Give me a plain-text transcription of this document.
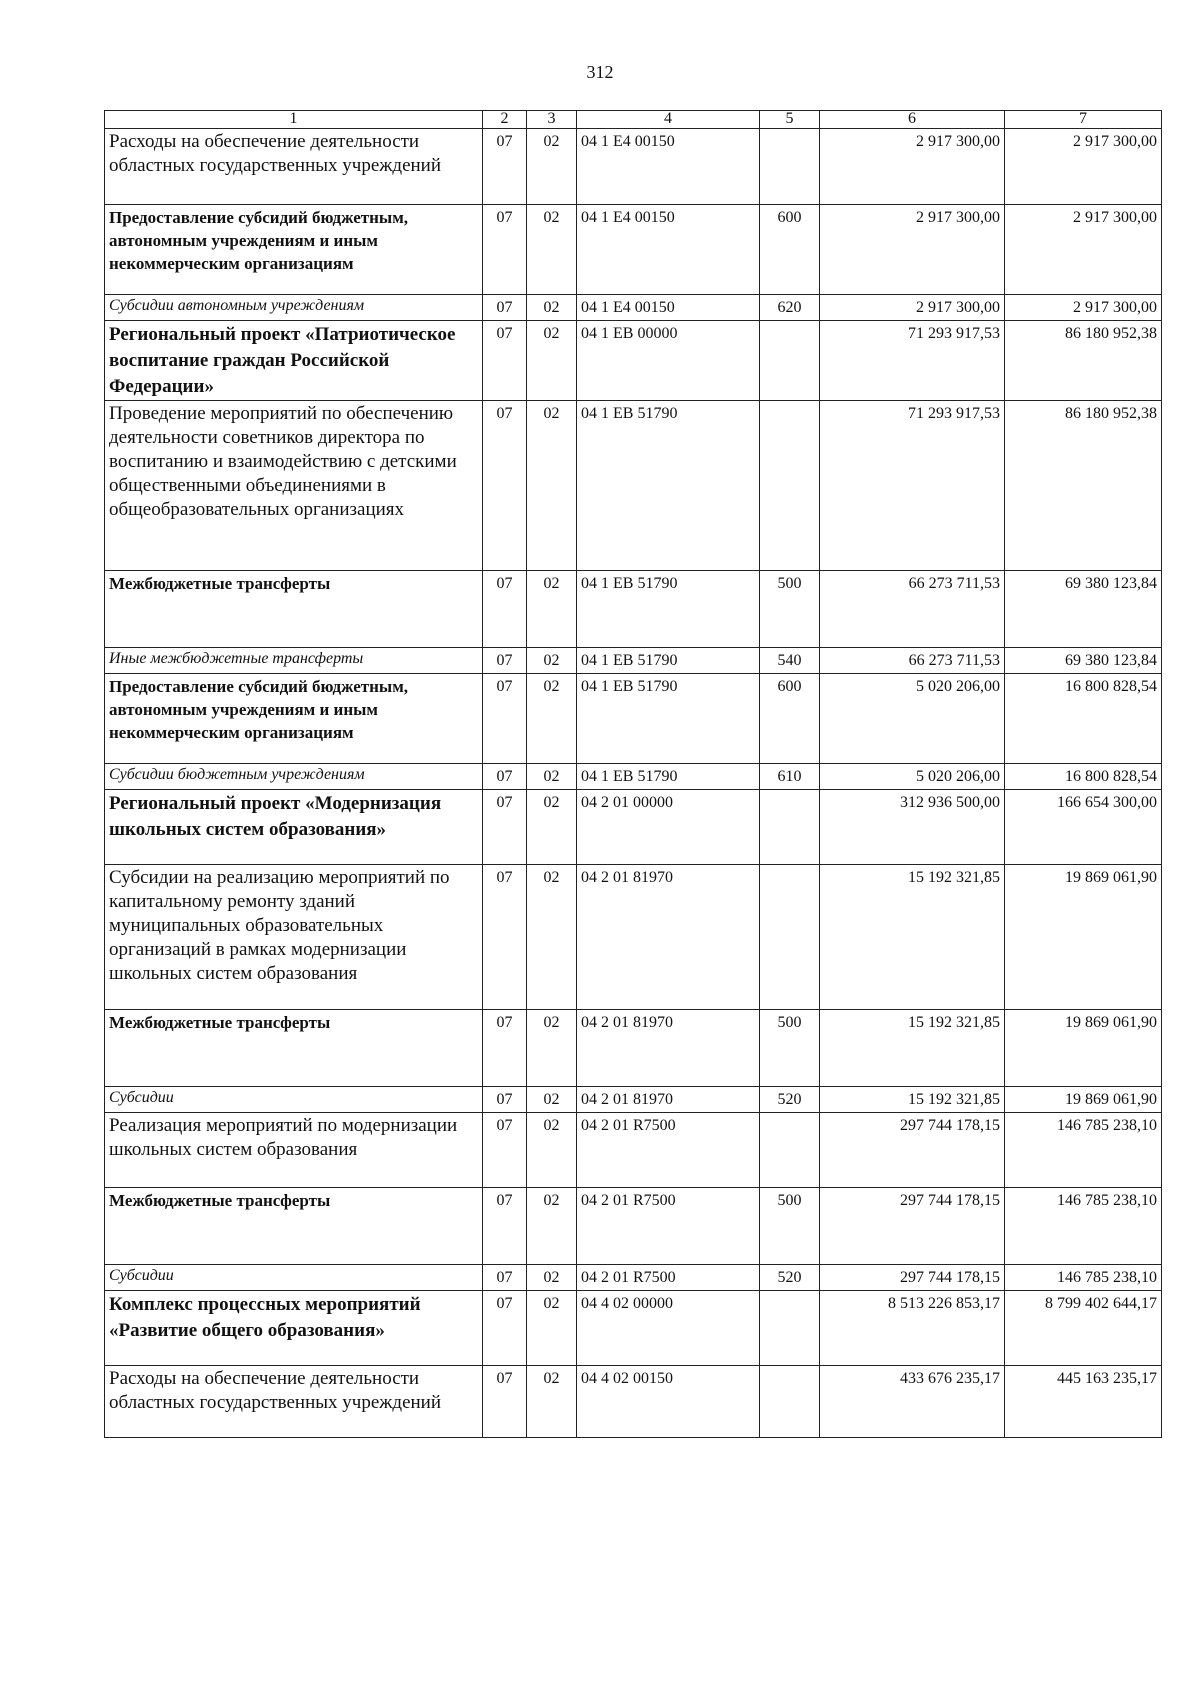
312
1	2	3	4	5	6	7
Расходы на обеспечение деятельности областных государственных учреждений	07	02	04 1 Е4 00150		2 917 300,00	2 917 300,00
Предоставление субсидий бюджетным, автономным учреждениям и иным некоммерческим организациям	07	02	04 1 Е4 00150	600	2 917 300,00	2 917 300,00
Субсидии автономным учреждениям	07	02	04 1 Е4 00150	620	2 917 300,00	2 917 300,00
Региональный проект «Патриотическое воспитание граждан Российской Федерации»	07	02	04 1 ЕВ 00000		71 293 917,53	86 180 952,38
Проведение мероприятий по обеспечению деятельности советников директора по воспитанию и взаимодействию с детскими общественными объединениями в общеобразовательных организациях	07	02	04 1 ЕВ 51790		71 293 917,53	86 180 952,38
Межбюджетные трансферты	07	02	04 1 ЕВ 51790	500	66 273 711,53	69 380 123,84
Иные межбюджетные трансферты	07	02	04 1 ЕВ 51790	540	66 273 711,53	69 380 123,84
Предоставление субсидий бюджетным, автономным учреждениям и иным некоммерческим организациям	07	02	04 1 ЕВ 51790	600	5 020 206,00	16 800 828,54
Субсидии бюджетным учреждениям	07	02	04 1 ЕВ 51790	610	5 020 206,00	16 800 828,54
Региональный проект «Модернизация школьных систем образования»	07	02	04 2 01 00000		312 936 500,00	166 654 300,00
Субсидии на реализацию мероприятий по капитальному ремонту зданий муниципальных образовательных организаций в рамках модернизации школьных систем образования	07	02	04 2 01 81970		15 192 321,85	19 869 061,90
Межбюджетные трансферты	07	02	04 2 01 81970	500	15 192 321,85	19 869 061,90
Субсидии	07	02	04 2 01 81970	520	15 192 321,85	19 869 061,90
Реализация мероприятий по модернизации школьных систем образования	07	02	04 2 01 R7500		297 744 178,15	146 785 238,10
Межбюджетные трансферты	07	02	04 2 01 R7500	500	297 744 178,15	146 785 238,10
Субсидии	07	02	04 2 01 R7500	520	297 744 178,15	146 785 238,10
Комплекс процессных мероприятий «Развитие общего образования»	07	02	04 4 02 00000		8 513 226 853,17	8 799 402 644,17
Расходы на обеспечение деятельности областных государственных учреждений	07	02	04 4 02 00150		433 676 235,17	445 163 235,17
